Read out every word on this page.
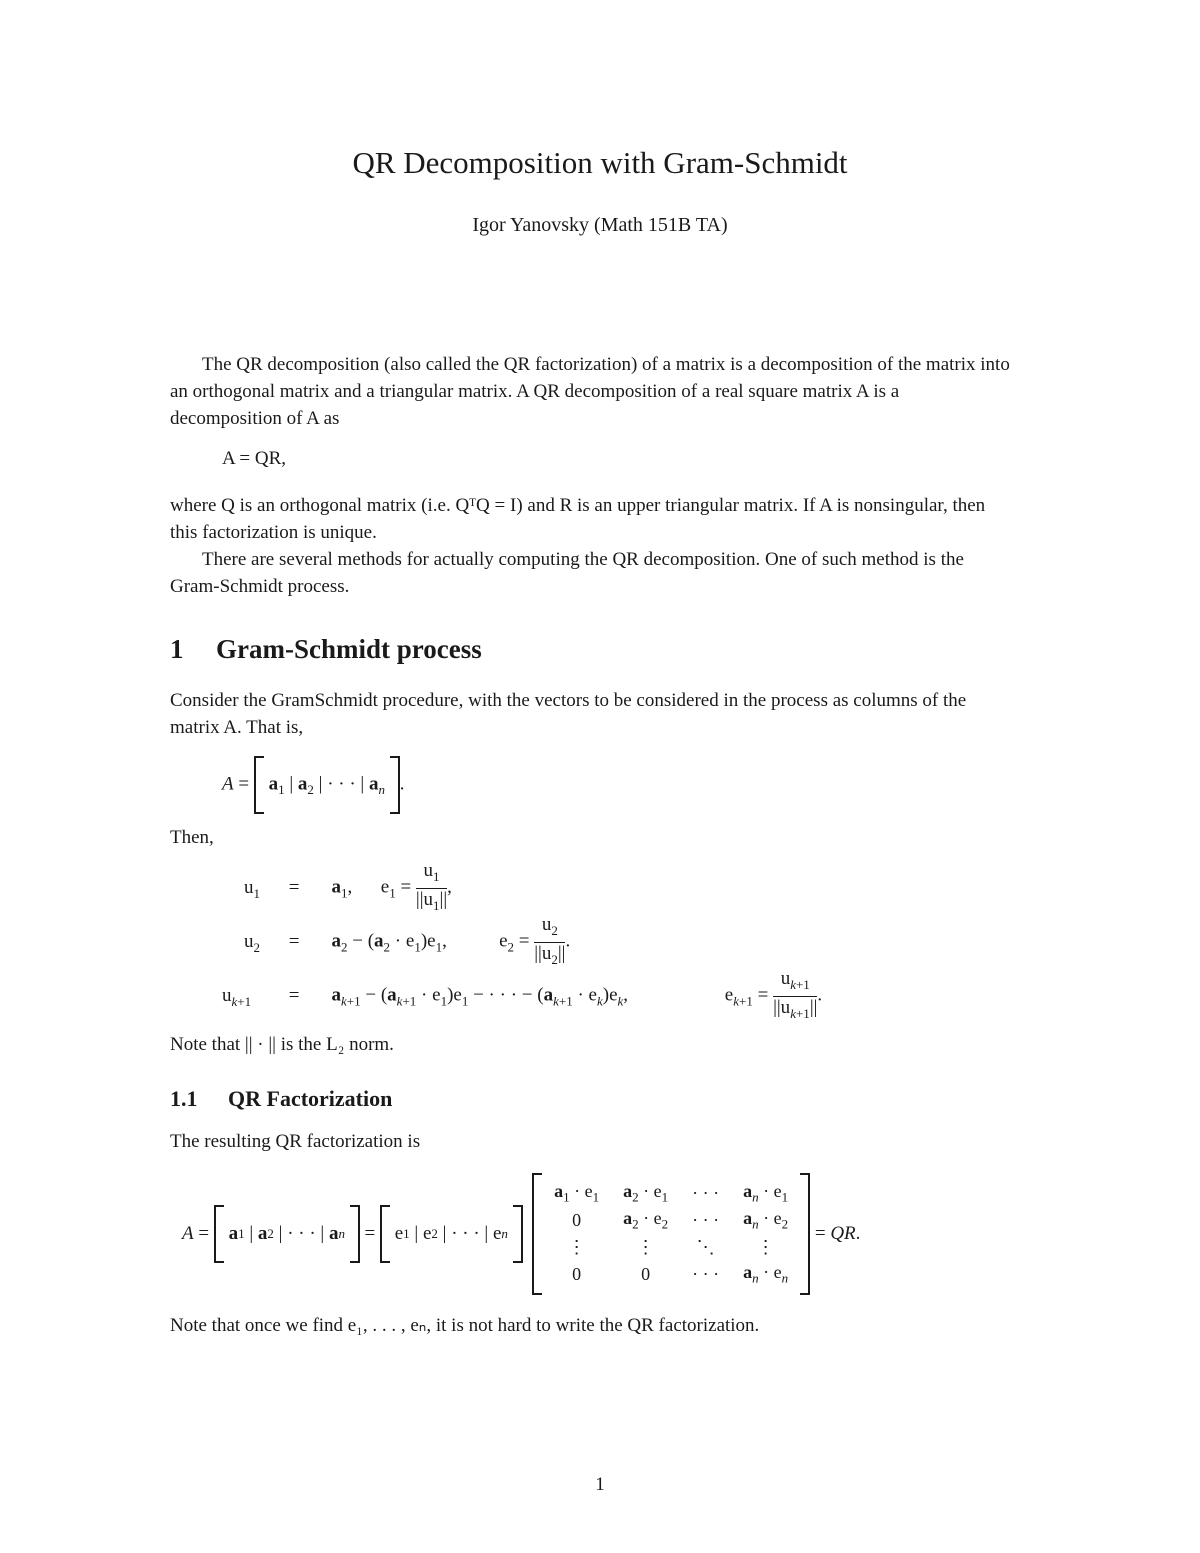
QR Decomposition with Gram-Schmidt
Igor Yanovsky (Math 151B TA)
The QR decomposition (also called the QR factorization) of a matrix is a decomposition of the matrix into an orthogonal matrix and a triangular matrix. A QR decomposition of a real square matrix A is a decomposition of A as
A = QR,
where Q is an orthogonal matrix (i.e. QᵀQ = I) and R is an upper triangular matrix. If A is nonsingular, then this factorization is unique.
There are several methods for actually computing the QR decomposition. One of such method is the Gram-Schmidt process.
1 Gram-Schmidt process
Consider the GramSchmidt procedure, with the vectors to be considered in the process as columns of the matrix A. That is,
$A = a_1$ | $a_2$ | · · · | $a_n$ .
Then,
$u_1 = a_1$,      $e_1 = \frac{u_1}{||u_1||}$ ,
$u_2 = a_2 - (a_2 \cdot e_1)e_1$,           $e_2 = \frac{u_2}{||u_2||}$ .
$u_{k+1} = a_{k+1} - (a_{k+1} \cdot e_1)e_1$ − · · · − $(a_{k+1} \cdot e_k)e_k$,	$e_{k+1} = \frac{u_{k+1}}{||u_{k+1}||}$ .
Note that || · || is the L₂ norm.
1.1 QR Factorization
The resulting QR factorization is
A =
a 1 | a 2 | · · · | a n
=
e 1 | e 2 | · · · | e n

$a_1 \cdot e_1$	$a_2 \cdot e_1$	· · ·	$a_n \cdot e_1$
0	$a_2 \cdot e_2$	· · ·	$a_n \cdot e_2$
⋮	⋮	⋱	⋮
0	0	· · ·	$a_n \cdot e_n$
= QR .
Note that once we find e₁, . . . , eₙ, it is not hard to write the QR factorization.
1
